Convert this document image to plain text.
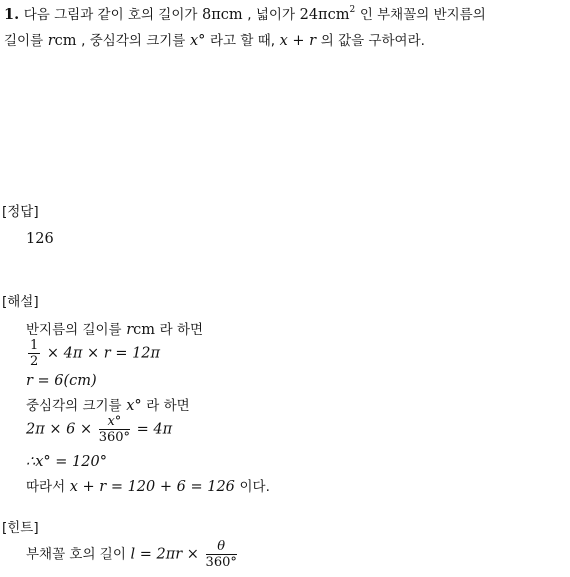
1. 다음 그림과 같이 호의 길이가 8πcm , 넓이가 24πcm$^2$ 인 부채꼴의 반지름의
길이를 rcm , 중심각의 크기를 x° 라고 할 때, x + r 의 값을 구하여라.
[정답]
126
[해설]
반지름의 길이를 rcm 라 하면
$\frac{1}{2} \times 4\pi \times r = 12\pi$
r = 6(cm)
중심각의 크기를 x° 라 하면
$2\pi \times 6 \times \frac{x^\circ}{360^\circ} = 4\pi$
∴x° = 120°
따라서 x + r = 120 + 6 = 126 이다.
[힌트]
부채꼴 호의 길이 $l = 2\pi r \times \frac{\theta}{360^\circ}$
